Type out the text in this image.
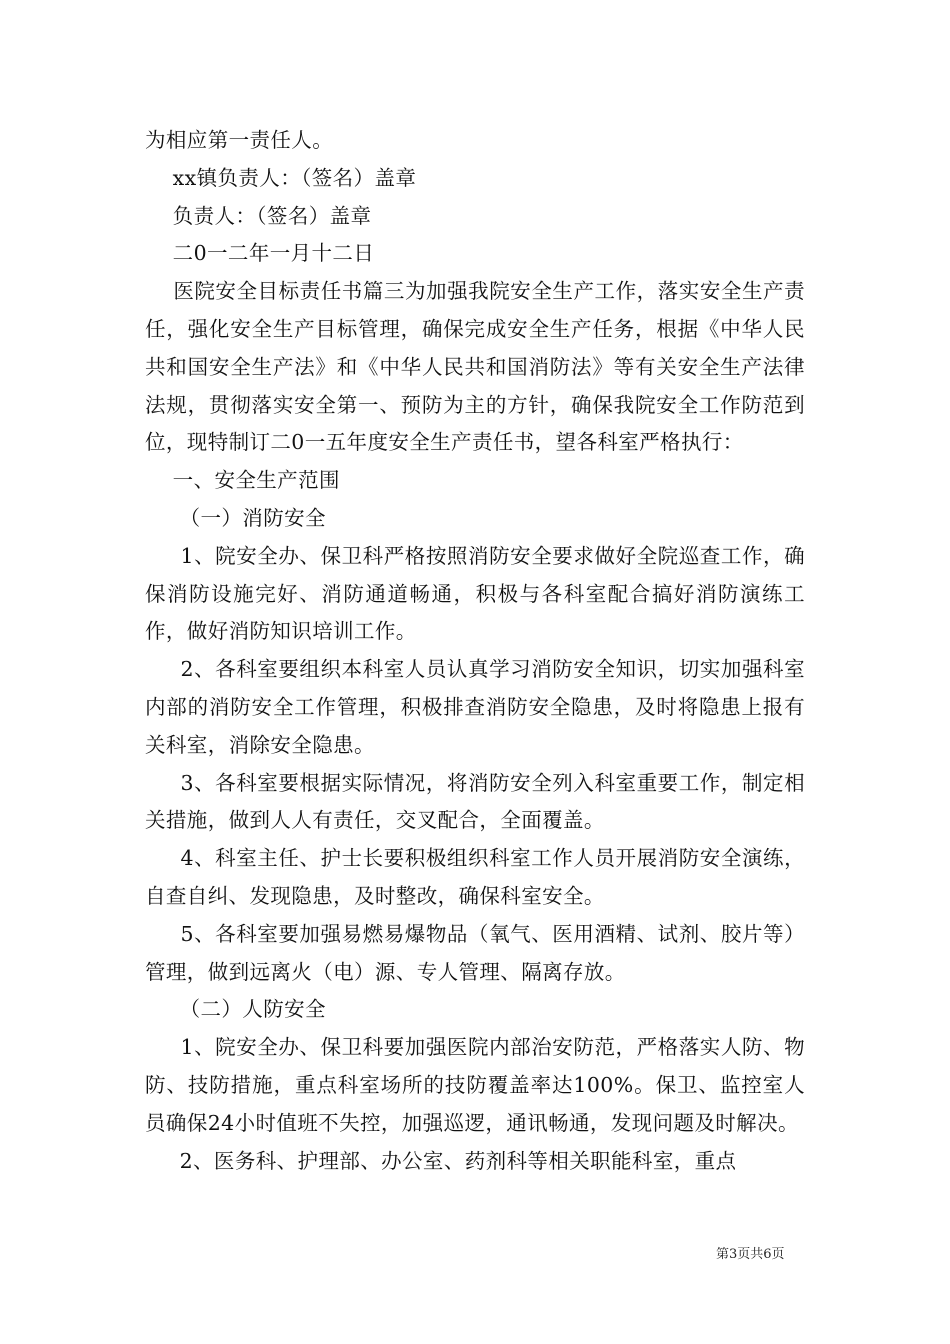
为相应第一责任人。

xx镇负责人：（签名）盖章

负责人：（签名）盖章

二0一二年一月十二日

医院安全目标责任书篇三为加强我院安全生产工作，落实安全生产责任，强化安全生产目标管理，确保完成安全生产任务，根据《中华人民共和国安全生产法》和《中华人民共和国消防法》等有关安全生产法律法规，贯彻落实安全第一、预防为主的方针，确保我院安全工作防范到位，现特制订二0一五年度安全生产责任书，望各科室严格执行：

一、安全生产范围

（一）消防安全

1、院安全办、保卫科严格按照消防安全要求做好全院巡查工作，确保消防设施完好、消防通道畅通，积极与各科室配合搞好消防演练工作，做好消防知识培训工作。

2、各科室要组织本科室人员认真学习消防安全知识，切实加强科室内部的消防安全工作管理，积极排查消防安全隐患，及时将隐患上报有关科室，消除安全隐患。

3、各科室要根据实际情况，将消防安全列入科室重要工作，制定相关措施，做到人人有责任，交叉配合，全面覆盖。

4、科室主任、护士长要积极组织科室工作人员开展消防安全演练，自查自纠、发现隐患，及时整改，确保科室安全。

5、各科室要加强易燃易爆物品（氧气、医用酒精、试剂、胶片等）管理，做到远离火（电）源、专人管理、隔离存放。

（二）人防安全

1、院安全办、保卫科要加强医院内部治安防范，严格落实人防、物防、技防措施，重点科室场所的技防覆盖率达100%。保卫、监控室人员确保24小时值班不失控，加强巡逻，通讯畅通，发现问题及时解决。

2、医务科、护理部、办公室、药剂科等相关职能科室，重点

第3页共6页
